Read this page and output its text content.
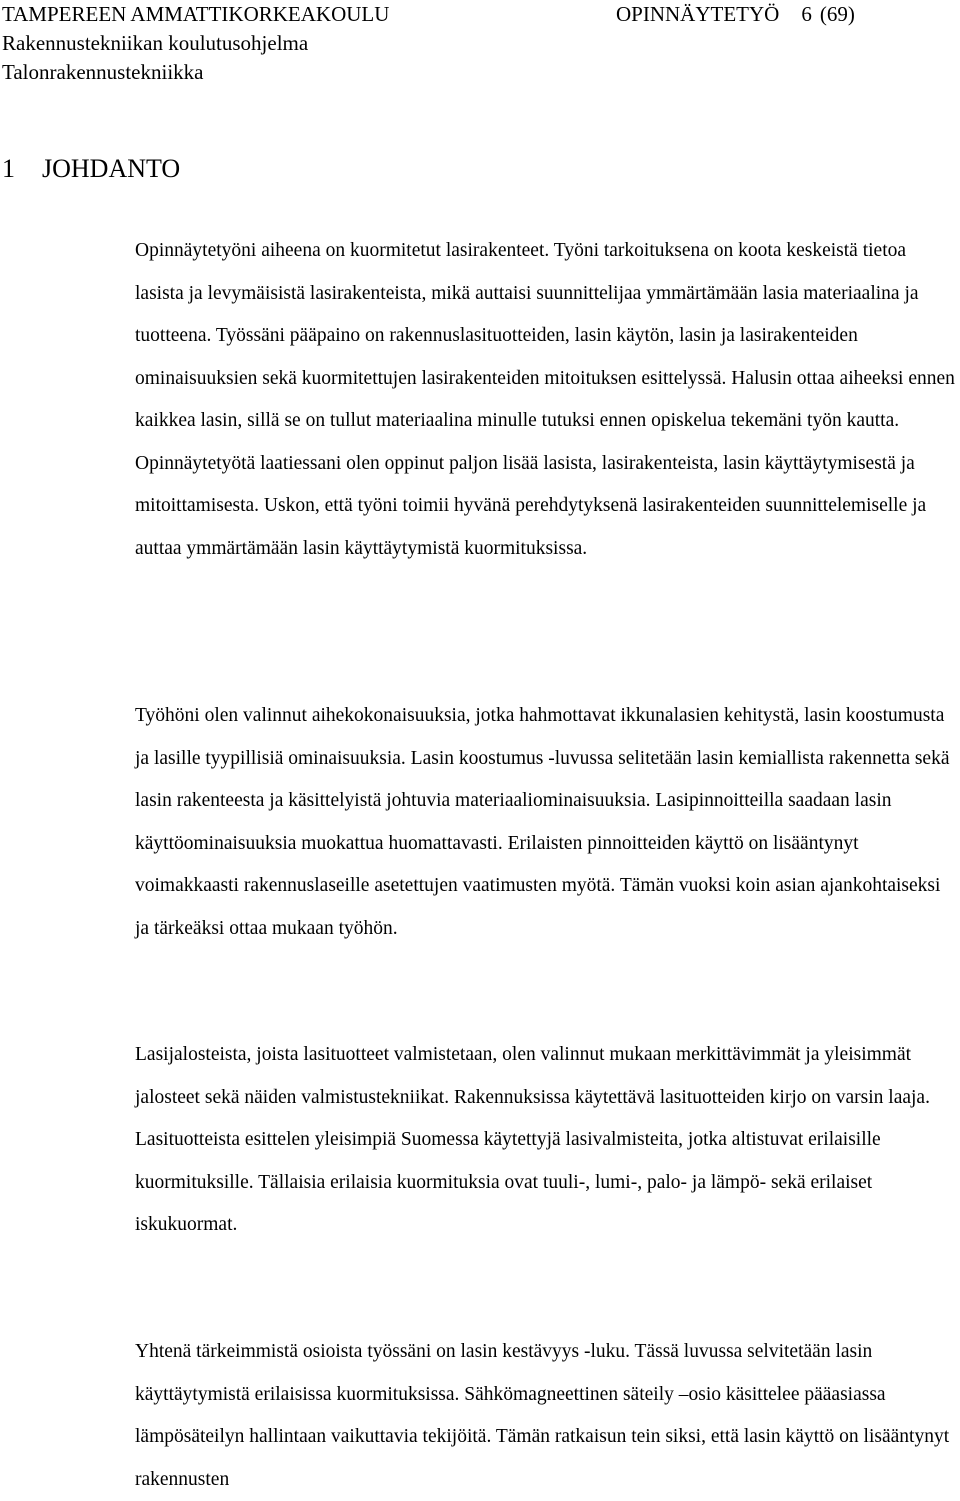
TAMPEREEN AMMATTIKORKEAKOULU	OPINNÄYTETYÖ 6 (69)
Rakennustekniikan koulutusohjelma
Talonrakennustekniikka
1 JOHDANTO

Opinnäytetyöni aiheena on kuormitetut lasirakenteet. Työni tarkoituksena on koota keskeistä tietoa lasista ja levymäisistä lasirakenteista, mikä auttaisi suunnittelijaa ymmärtämään lasia materiaalina ja tuotteena. Työssäni pääpaino on rakennuslasituotteiden, lasin käytön, lasin ja lasirakenteiden ominaisuuksien sekä kuormitettujen lasirakenteiden mitoituksen esittelyssä. Halusin ottaa aiheeksi ennen kaikkea lasin, sillä se on tullut materiaalina minulle tutuksi ennen opiskelua tekemäni työn kautta. Opinnäytetyötä laatiessani olen oppinut paljon lisää lasista, lasirakenteista, lasin käyttäytymisestä ja mitoittamisesta. Uskon, että työni toimii hyvänä perehdytyksenä lasirakenteiden suunnittelemiselle ja auttaa ymmärtämään lasin käyttäytymistä kuormituksissa.

Työhöni olen valinnut aihekokonaisuuksia, jotka hahmottavat ikkunalasien kehitystä, lasin koostumusta ja lasille tyypillisiä ominaisuuksia. Lasin koostumus -luvussa selitetään lasin kemiallista rakennetta sekä lasin rakenteesta ja käsittelyistä johtuvia materiaaliominaisuuksia. Lasipinnoitteilla saadaan lasin käyttöominaisuuksia muokattua huomattavasti. Erilaisten pinnoitteiden käyttö on lisääntynyt voimakkaasti rakennuslaseille asetettujen vaatimusten myötä. Tämän vuoksi koin asian ajankohtaiseksi ja tärkeäksi ottaa mukaan työhön.

Lasijalosteista, joista lasituotteet valmistetaan, olen valinnut mukaan merkittävimmät ja yleisimmät jalosteet sekä näiden valmistustekniikat. Rakennuksissa käytettävä lasituotteiden kirjo on varsin laaja. Lasituotteista esittelen yleisimpiä Suomessa käytettyjä lasivalmisteita, jotka altistuvat erilaisille kuormituksille. Tällaisia erilaisia kuormituksia ovat tuuli-, lumi-, palo- ja lämpö- sekä erilaiset iskukuormat.

Yhtenä tärkeimmistä osioista työssäni on lasin kestävyys -luku. Tässä luvussa selvitetään lasin käyttäytymistä erilaisissa kuormituksissa. Sähkömagneettinen säteily –osio käsittelee pääasiassa lämpösäteilyn hallintaan vaikuttavia tekijöitä. Tämän ratkaisun tein siksi, että lasin käyttö on lisääntynyt rakennusten
